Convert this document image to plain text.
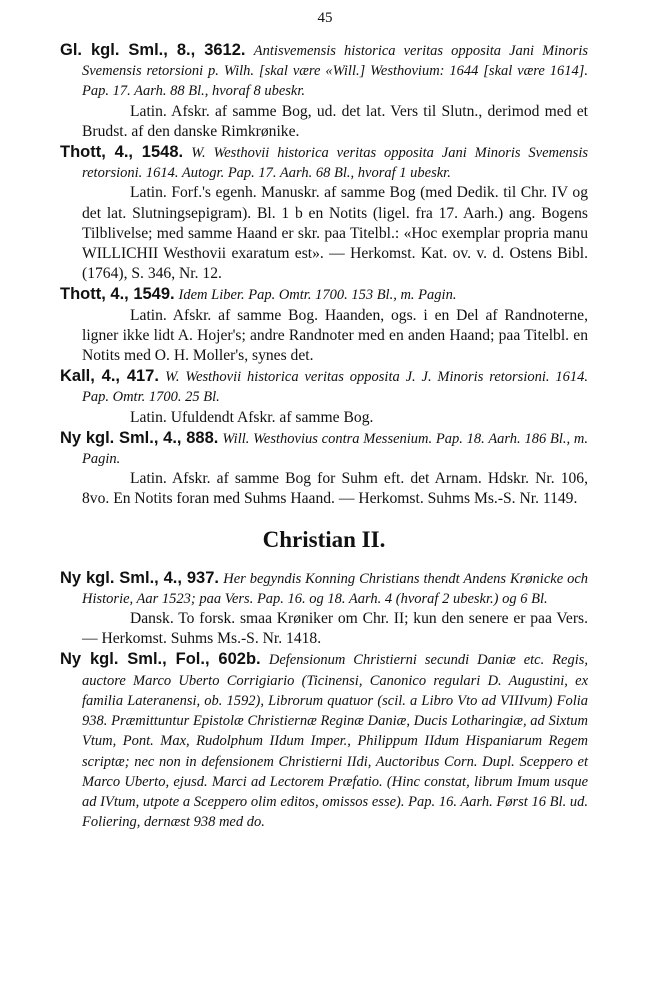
45

Gl. kgl. Sml., 8., 3612. Antisvemensis historica veritas opposita Jani Minoris Svemensis retorsioni p. Wilh. [skal være «Will.] Westhovium: 1644 [skal være 1614]. Pap. 17. Aarh. 88 Bl., hvoraf 8 ubeskr.

Latin. Afskr. af samme Bog, ud. det lat. Vers til Slutn., derimod med et Brudst. af den danske Rimkrønike.

Thott, 4., 1548. W. Westhovii historica veritas opposita Jani Minoris Svemensis retorsioni. 1614. Autogr. Pap. 17. Aarh. 68 Bl., hvoraf 1 ubeskr.

Latin. Forf.'s egenh. Manuskr. af samme Bog (med Dedik. til Chr. IV og det lat. Slutningsepigram). Bl. 1 b en Notits (ligel. fra 17. Aarh.) ang. Bogens Tilblivelse; med samme Haand er skr. paa Titelbl.: «Hoc exemplar propria manu WILLICHII Westhovii exaratum est». — Herkomst. Kat. ov. v. d. Ostens Bibl. (1764), S. 346, Nr. 12.

Thott, 4., 1549. Idem Liber. Pap. Omtr. 1700. 153 Bl., m. Pagin.

Latin. Afskr. af samme Bog. Haanden, ogs. i en Del af Randnoterne, ligner ikke lidt A. Hojer's; andre Randnoter med en anden Haand; paa Titelbl. en Notits med O. H. Moller's, synes det.

Kall, 4., 417. W. Westhovii historica veritas opposita J. J. Minoris retorsioni. 1614. Pap. Omtr. 1700. 25 Bl.

Latin. Ufuldendt Afskr. af samme Bog.

Ny kgl. Sml., 4., 888. Will. Westhovius contra Messenium. Pap. 18. Aarh. 186 Bl., m. Pagin.

Latin. Afskr. af samme Bog for Suhm eft. det Arnam. Hdskr. Nr. 106, 8vo. En Notits foran med Suhms Haand. — Herkomst. Suhms Ms.-S. Nr. 1149.

Christian II.

Ny kgl. Sml., 4., 937. Her begyndis Konning Christians thendt Andens Krønicke och Historie, Aar 1523; paa Vers. Pap. 16. og 18. Aarh. 4 (hvoraf 2 ubeskr.) og 6 Bl.

Dansk. To forsk. smaa Krøniker om Chr. II; kun den senere er paa Vers. — Herkomst. Suhms Ms.-S. Nr. 1418.

Ny kgl. Sml., Fol., 602b. Defensionum Christierni secundi Daniæ etc. Regis, auctore Marco Uberto Corrigiario (Ticinensi, Canonico regulari D. Augustini, ex familia Lateranensi, ob. 1592), Librorum quatuor (scil. a Libro Vto ad VIIIvum) Folia 938. Præmittuntur Epistolæ Christiernæ Reginæ Daniæ, Ducis Lotharingiæ, ad Sixtum Vtum, Pont. Max, Rudolphum IIdum Imper., Philippum IIdum Hispaniarum Regem scriptæ; nec non in defensionem Christierni IIdi, Auctoribus Corn. Dupl. Sceppero et Marco Uberto, ejusd. Marci ad Lectorem Præfatio. (Hinc constat, librum Imum usque ad IVtum, utpote a Sceppero olim editos, omissos esse). Pap. 16. Aarh. Først 16 Bl. ud. Foliering, dernæst 938 med do.
